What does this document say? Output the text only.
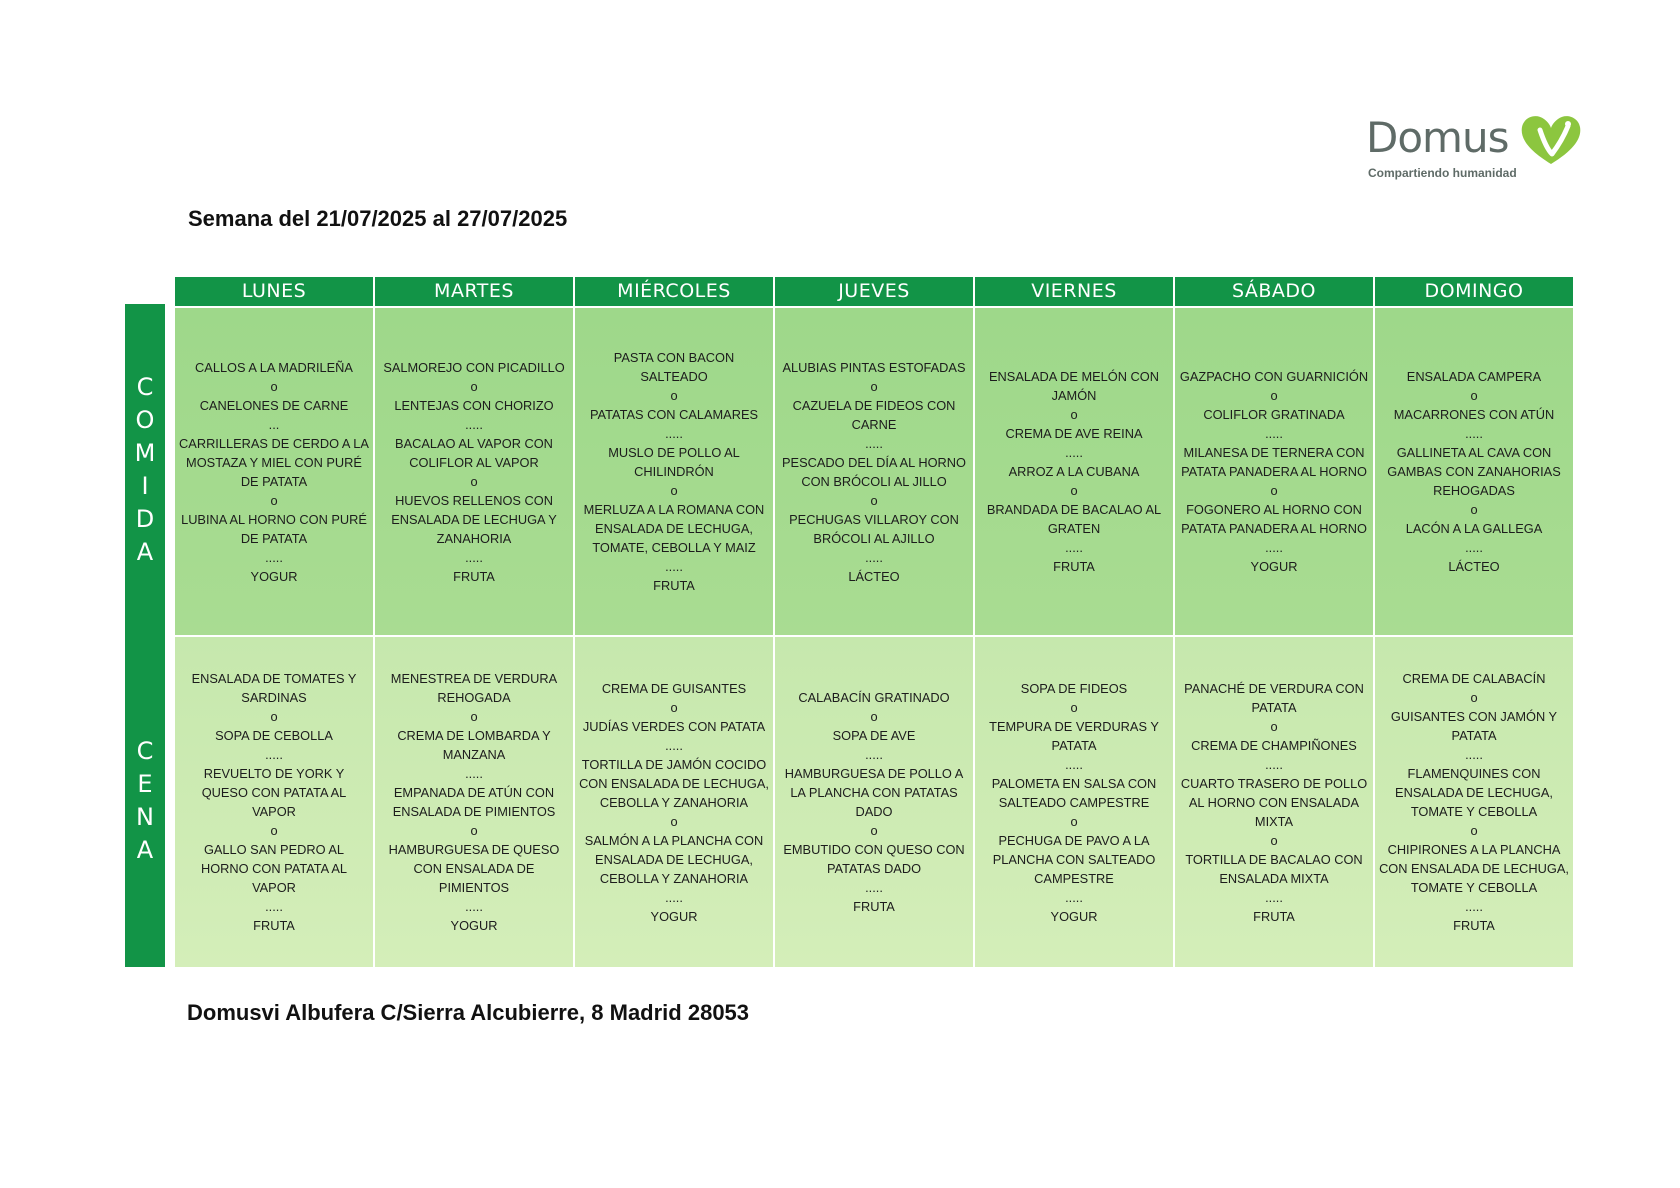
Domus
Compartiendo humanidad
Semana del 21/07/2025 al 27/07/2025
C
O
M
I
D
A
C
E
N
A
LUNES
CALLOS A LA MADRILEÑA
o
CANELONES DE CARNE
...
CARRILLERAS DE CERDO A LA MOSTAZA Y MIEL CON PURÉ DE PATATA
o
LUBINA AL HORNO CON PURÉ DE PATATA
.....
YOGUR
ENSALADA DE TOMATES Y SARDINAS
o
SOPA DE CEBOLLA
.....
REVUELTO DE YORK Y QUESO CON PATATA AL VAPOR
o
GALLO SAN PEDRO AL HORNO CON PATATA AL VAPOR
.....
FRUTA
MARTES
SALMOREJO CON PICADILLO
o
LENTEJAS CON CHORIZO
.....
BACALAO AL VAPOR CON COLIFLOR AL VAPOR
o
HUEVOS RELLENOS CON ENSALADA DE LECHUGA Y ZANAHORIA
.....
FRUTA
MENESTREA DE VERDURA REHOGADA
o
CREMA DE LOMBARDA Y MANZANA
.....
EMPANADA DE ATÚN CON ENSALADA DE PIMIENTOS
o
HAMBURGUESA DE QUESO CON ENSALADA DE PIMIENTOS
.....
YOGUR
MIÉRCOLES
PASTA CON BACON SALTEADO
o
PATATAS CON CALAMARES
.....
MUSLO DE POLLO AL CHILINDRÓN
o
MERLUZA A LA ROMANA CON ENSALADA DE LECHUGA, TOMATE, CEBOLLA Y MAIZ
.....
FRUTA
CREMA DE GUISANTES
o
JUDÍAS VERDES CON PATATA
.....
TORTILLA DE JAMÓN COCIDO CON ENSALADA DE LECHUGA, CEBOLLA Y ZANAHORIA
o
SALMÓN A LA PLANCHA CON ENSALADA DE LECHUGA, CEBOLLA Y ZANAHORIA
.....
YOGUR
JUEVES
ALUBIAS PINTAS ESTOFADAS
o
CAZUELA DE FIDEOS CON CARNE
.....
PESCADO DEL DÍA AL HORNO CON BRÓCOLI AL JILLO
o
PECHUGAS VILLAROY CON BRÓCOLI AL AJILLO
.....
LÁCTEO
CALABACÍN GRATINADO
o
SOPA DE AVE
.....
HAMBURGUESA DE POLLO A LA PLANCHA CON PATATAS DADO
o
EMBUTIDO CON QUESO CON PATATAS DADO
.....
FRUTA
VIERNES
ENSALADA DE MELÓN CON JAMÓN
o
CREMA DE AVE REINA
.....
ARROZ A LA CUBANA
o
BRANDADA DE BACALAO AL GRATEN
.....
FRUTA
SOPA DE FIDEOS
o
TEMPURA DE VERDURAS Y PATATA
.....
PALOMETA EN SALSA CON SALTEADO CAMPESTRE
o
PECHUGA DE PAVO A LA PLANCHA CON SALTEADO CAMPESTRE
.....
YOGUR
SÁBADO
GAZPACHO CON GUARNICIÓN
o
COLIFLOR GRATINADA
.....
MILANESA DE TERNERA CON PATATA PANADERA AL HORNO
o
FOGONERO AL HORNO CON PATATA PANADERA AL HORNO
.....
YOGUR
PANACHÉ DE VERDURA CON PATATA
o
CREMA DE CHAMPIÑONES
.....
CUARTO TRASERO DE POLLO AL HORNO CON ENSALADA MIXTA
o
TORTILLA DE BACALAO CON ENSALADA MIXTA
.....
FRUTA
DOMINGO
ENSALADA CAMPERA
o
MACARRONES CON ATÚN
.....
GALLINETA AL CAVA CON GAMBAS CON ZANAHORIAS REHOGADAS
o
LACÓN A LA GALLEGA
.....
LÁCTEO
CREMA DE CALABACÍN
o
GUISANTES CON JAMÓN Y PATATA
.....
FLAMENQUINES CON ENSALADA DE LECHUGA, TOMATE Y CEBOLLA
o
CHIPIRONES A LA PLANCHA CON ENSALADA DE LECHUGA, TOMATE Y CEBOLLA
.....
FRUTA
Domusvi Albufera C/Sierra Alcubierre, 8 Madrid 28053
